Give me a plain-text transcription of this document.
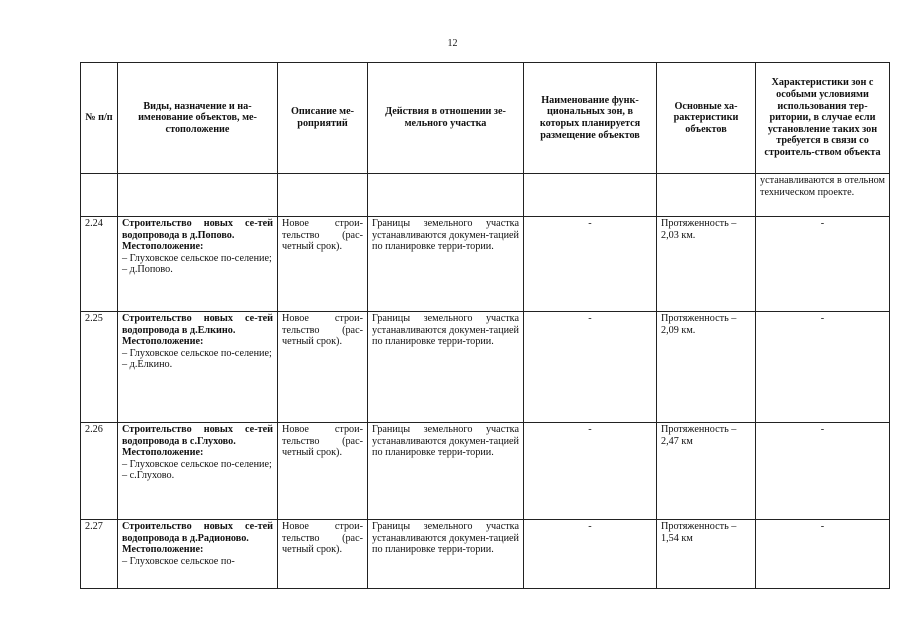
12
№ п/п	Виды, назначение и на-именование объектов, ме-стоположение	Описание ме-роприятий	Действия в отношении зе-мельного участка	Наименование функ-циональных зон, в которых планируется размещение объектов	Основные ха-рактеристики объектов	Характеристики зон с особыми условиями использования тер-ритории, в случае если установление таких зон требуется в связи со строитель-ством объекта
						устанавливаются в отельном техническом проекте.
2.24	Строительство новых се-тей водопровода в д.Попово.
Местоположение:
– Глуховское сельское по-селение;
– д.Попово.	Новое строи-тельство (рас-четный срок).	Границы земельного участка устанавливаются докумен-тацией по планировке терри-тории.	-	Протяженность – 2,03 км.	-
2.25	Строительство новых се-тей водопровода в д.Елкино.
Местоположение:
– Глуховское сельское по-селение;
– д.Елкино.	Новое строи-тельство (рас-четный срок).	Границы земельного участка устанавливаются докумен-тацией по планировке терри-тории.	-	Протяженность – 2,09 км.	-
2.26	Строительство новых се-тей водопровода в с.Глухово.
Местоположение:
– Глуховское сельское по-селение;
– с.Глухово.	Новое строи-тельство (рас-четный срок).	Границы земельного участка устанавливаются докумен-тацией по планировке терри-тории.	-	Протяженность – 2,47 км	-
2.27	Строительство новых се-тей водопровода в д.Радионово.
Местоположение:
– Глуховское сельское по-	Новое строи-тельство (рас-четный срок).	Границы земельного участка устанавливаются докумен-тацией по планировке терри-тории.	-	Протяженность – 1,54 км	-
